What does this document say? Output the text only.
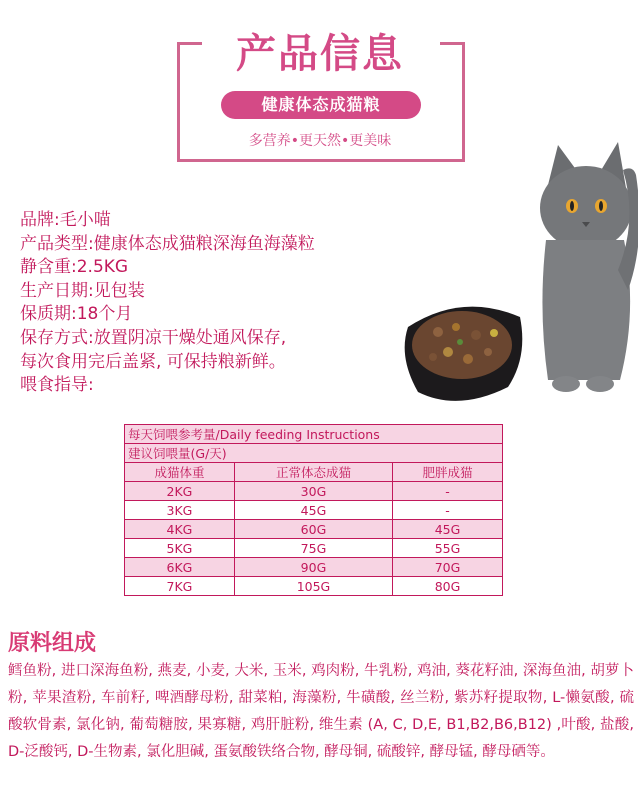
产品信息
健康体态成猫粮
多营养•更天然•更美味
品牌:毛小喵
产品类型:健康体态成猫粮深海鱼海藻粒
静含重:2.5KG
生产日期:见包装
保质期:18个月
保存方式:放置阴凉干燥处通风保存,
每次食用完后盖紧, 可保持粮新鲜。
喂食指导:
每天饲喂参考量/Daily feeding Instructions		
建议饲喂量(G/天)		
成猫体重	正常体态成猫	肥胖成猫
2KG	30G	-
3KG	45G	-
4KG	60G	45G
5KG	75G	55G
6KG	90G	70G
7KG	105G	80G
原料组成
鳕鱼粉, 进口深海鱼粉, 燕麦, 小麦, 大米, 玉米, 鸡肉粉, 牛乳粉, 鸡油, 葵花籽油, 深海鱼油, 胡萝卜粉, 苹果渣粉, 车前籽, 啤酒酵母粉, 甜菜粕, 海藻粉, 牛磺酸, 丝兰粉, 紫苏籽提取物, L-懒氨酸, 硫酸软骨素, 氯化钠, 葡萄糖胺, 果寡糖, 鸡肝脏粉, 维生素 (A, C, D,E, B1,B2,B6,B12) ,叶酸, 盐酸, D-泛酸钙, D-生物素, 氯化胆碱, 蛋氨酸铁络合物, 酵母铜, 硫酸锌, 酵母锰, 酵母硒等。
